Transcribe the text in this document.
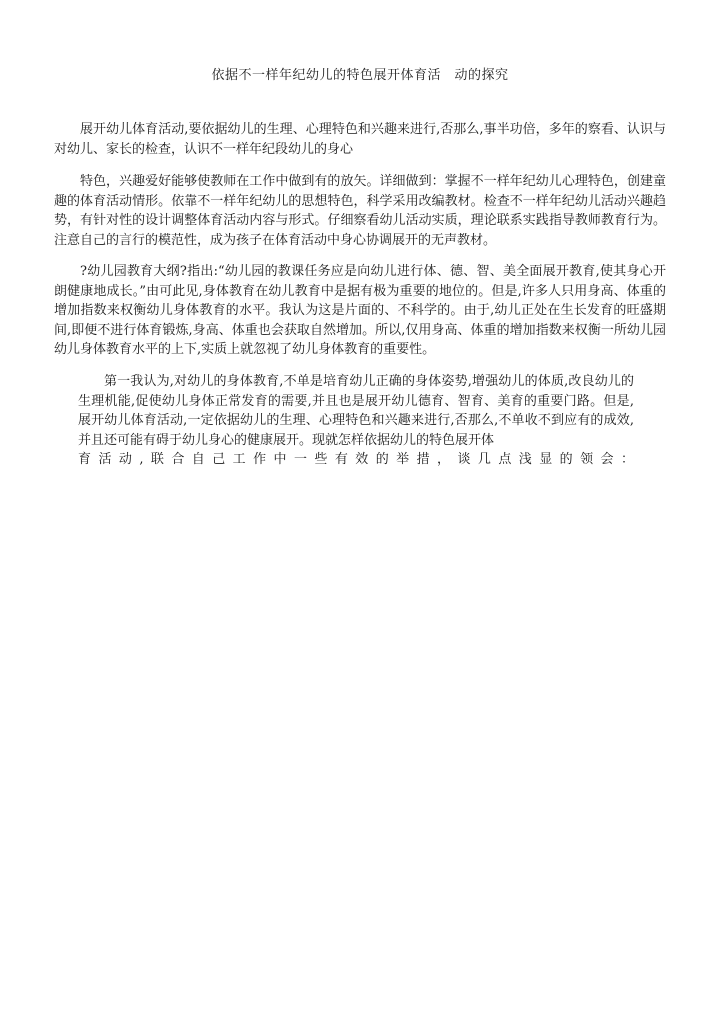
依据不一样年纪幼儿的特色展开体育活　动的探究

展开幼儿体育活动,要依据幼儿的生理、心理特色和兴趣来进行,否那么,事半功倍，多年的察看、认识与对幼儿、家长的检查，认识不一样年纪段幼儿的身心

特色，兴趣爱好能够使教师在工作中做到有的放矢。详细做到：掌握不一样年纪幼儿心理特色，创建童趣的体育活动情形。依靠不一样年纪幼儿的思想特色，科学采用改编教材。检查不一样年纪幼儿活动兴趣趋势，有针对性的设计调整体育活动内容与形式。仔细察看幼儿活动实质，理论联系实践指导教师教育行为。注意自己的言行的模范性，成为孩子在体育活动中身心协调展开的无声教材。

?幼儿园教育大纲?指出:“幼儿园的教课任务应是向幼儿进行体、德、智、美全面展开教育,使其身心开朗健康地成长。”由可此见,身体教育在幼儿教育中是据有极为重要的地位的。但是,许多人只用身高、体重的增加指数来权衡幼儿身体教育的水平。我认为这是片面的、不科学的。由于,幼儿正处在生长发育的旺盛期间,即便不进行体育锻炼,身高、体重也会获取自然增加。所以,仅用身高、体重的增加指数来权衡一所幼儿园幼儿身体教育水平的上下,实质上就忽视了幼儿身体教育的重要性。

第一我认为,对幼儿的身体教育,不单是培育幼儿正确的身体姿势,增强幼儿的体质,改良幼儿的生理机能,促使幼儿身体正常发育的需要,并且也是展开幼儿德育、智育、美育的重要门路。但是,展开幼儿体育活动,一定依据幼儿的生理、心理特色和兴趣来进行,否那么,不单收不到应有的成效,并且还可能有碍于幼儿身心的健康展开。现就怎样依据幼儿的特色展开体
育活动,联合自己工作中一些有效的举措，谈几点浅显的领会：
